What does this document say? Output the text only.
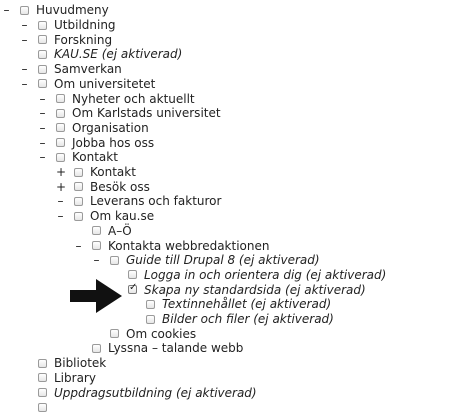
– Huvudmeny
– Utbildning
– Forskning
KAU.SE (ej aktiverad)
– Samverkan
– Om universitetet
– Nyheter och aktuellt
– Om Karlstads universitet
– Organisation
– Jobba hos oss
– Kontakt
+ Kontakt
+ Besök oss
– Leverans och fakturor
– Om kau.se
A–Ö
– Kontakta webbredaktionen
– Guide till Drupal 8 (ej aktiverad)
Logga in och orientera dig (ej aktiverad)
✓
Skapa ny standardsida (ej aktiverad)
Textinnehållet (ej aktiverad)
Bilder och filer (ej aktiverad)
Om cookies
Lyssna – talande webb
Bibliotek
Library
Uppdragsutbildning (ej aktiverad)
